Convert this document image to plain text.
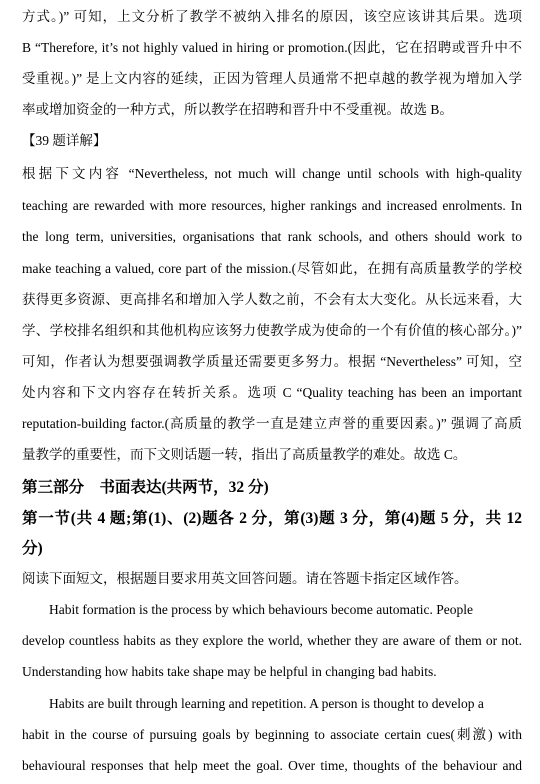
方式。)” 可知，上文分析了教学不被纳入排名的原因，该空应该讲其后果。选项
B “Therefore, it’s not highly valued in hiring or promotion.(因此，它在招聘或晋升中不
受重视。)” 是上文内容的延续，正因为管理人员通常不把卓越的教学视为增加入学
率或增加资金的一种方式，所以教学在招聘和晋升中不受重视。故选 B。
【39 题详解】
根据下文内容 “Nevertheless, not much will change until schools with high-quality
teaching are rewarded with more resources, higher rankings and increased enrolments. In
the long term, universities, organisations that rank schools, and others should work to
make teaching a valued, core part of the mission.(尽管如此，在拥有高质量教学的学校
获得更多资源、更高排名和增加入学人数之前，不会有太大变化。从长远来看，大
学、学校排名组织和其他机构应该努力使教学成为使命的一个有价值的核心部分。)”
可知，作者认为想要强调教学质量还需要更多努力。根据 “Nevertheless” 可知，空
处内容和下文内容存在转折关系。选项 C “Quality teaching has been an important
reputation-building factor.(高质量的教学一直是建立声誉的重要因素。)” 强调了高质
量教学的重要性，而下文则话题一转，指出了高质量教学的难处。故选 C。
第三部分　书面表达(共两节，32 分)
第一节(共 4 题;第(1)、(2)题各 2 分，第(3)题 3 分，第(4)题 5 分，共 12
分)
阅读下面短文，根据题目要求用英文回答问题。请在答题卡指定区域作答。
Habit formation is the process by which behaviours become automatic. People
develop countless habits as they explore the world, whether they are aware of them or not.
Understanding how habits take shape may be helpful in changing bad habits.
Habits are built through learning and repetition. A person is thought to develop a
habit in the course of pursuing goals by beginning to associate certain cues(刺激) with
behavioural responses that help meet the goal. Over time, thoughts of the behaviour and
